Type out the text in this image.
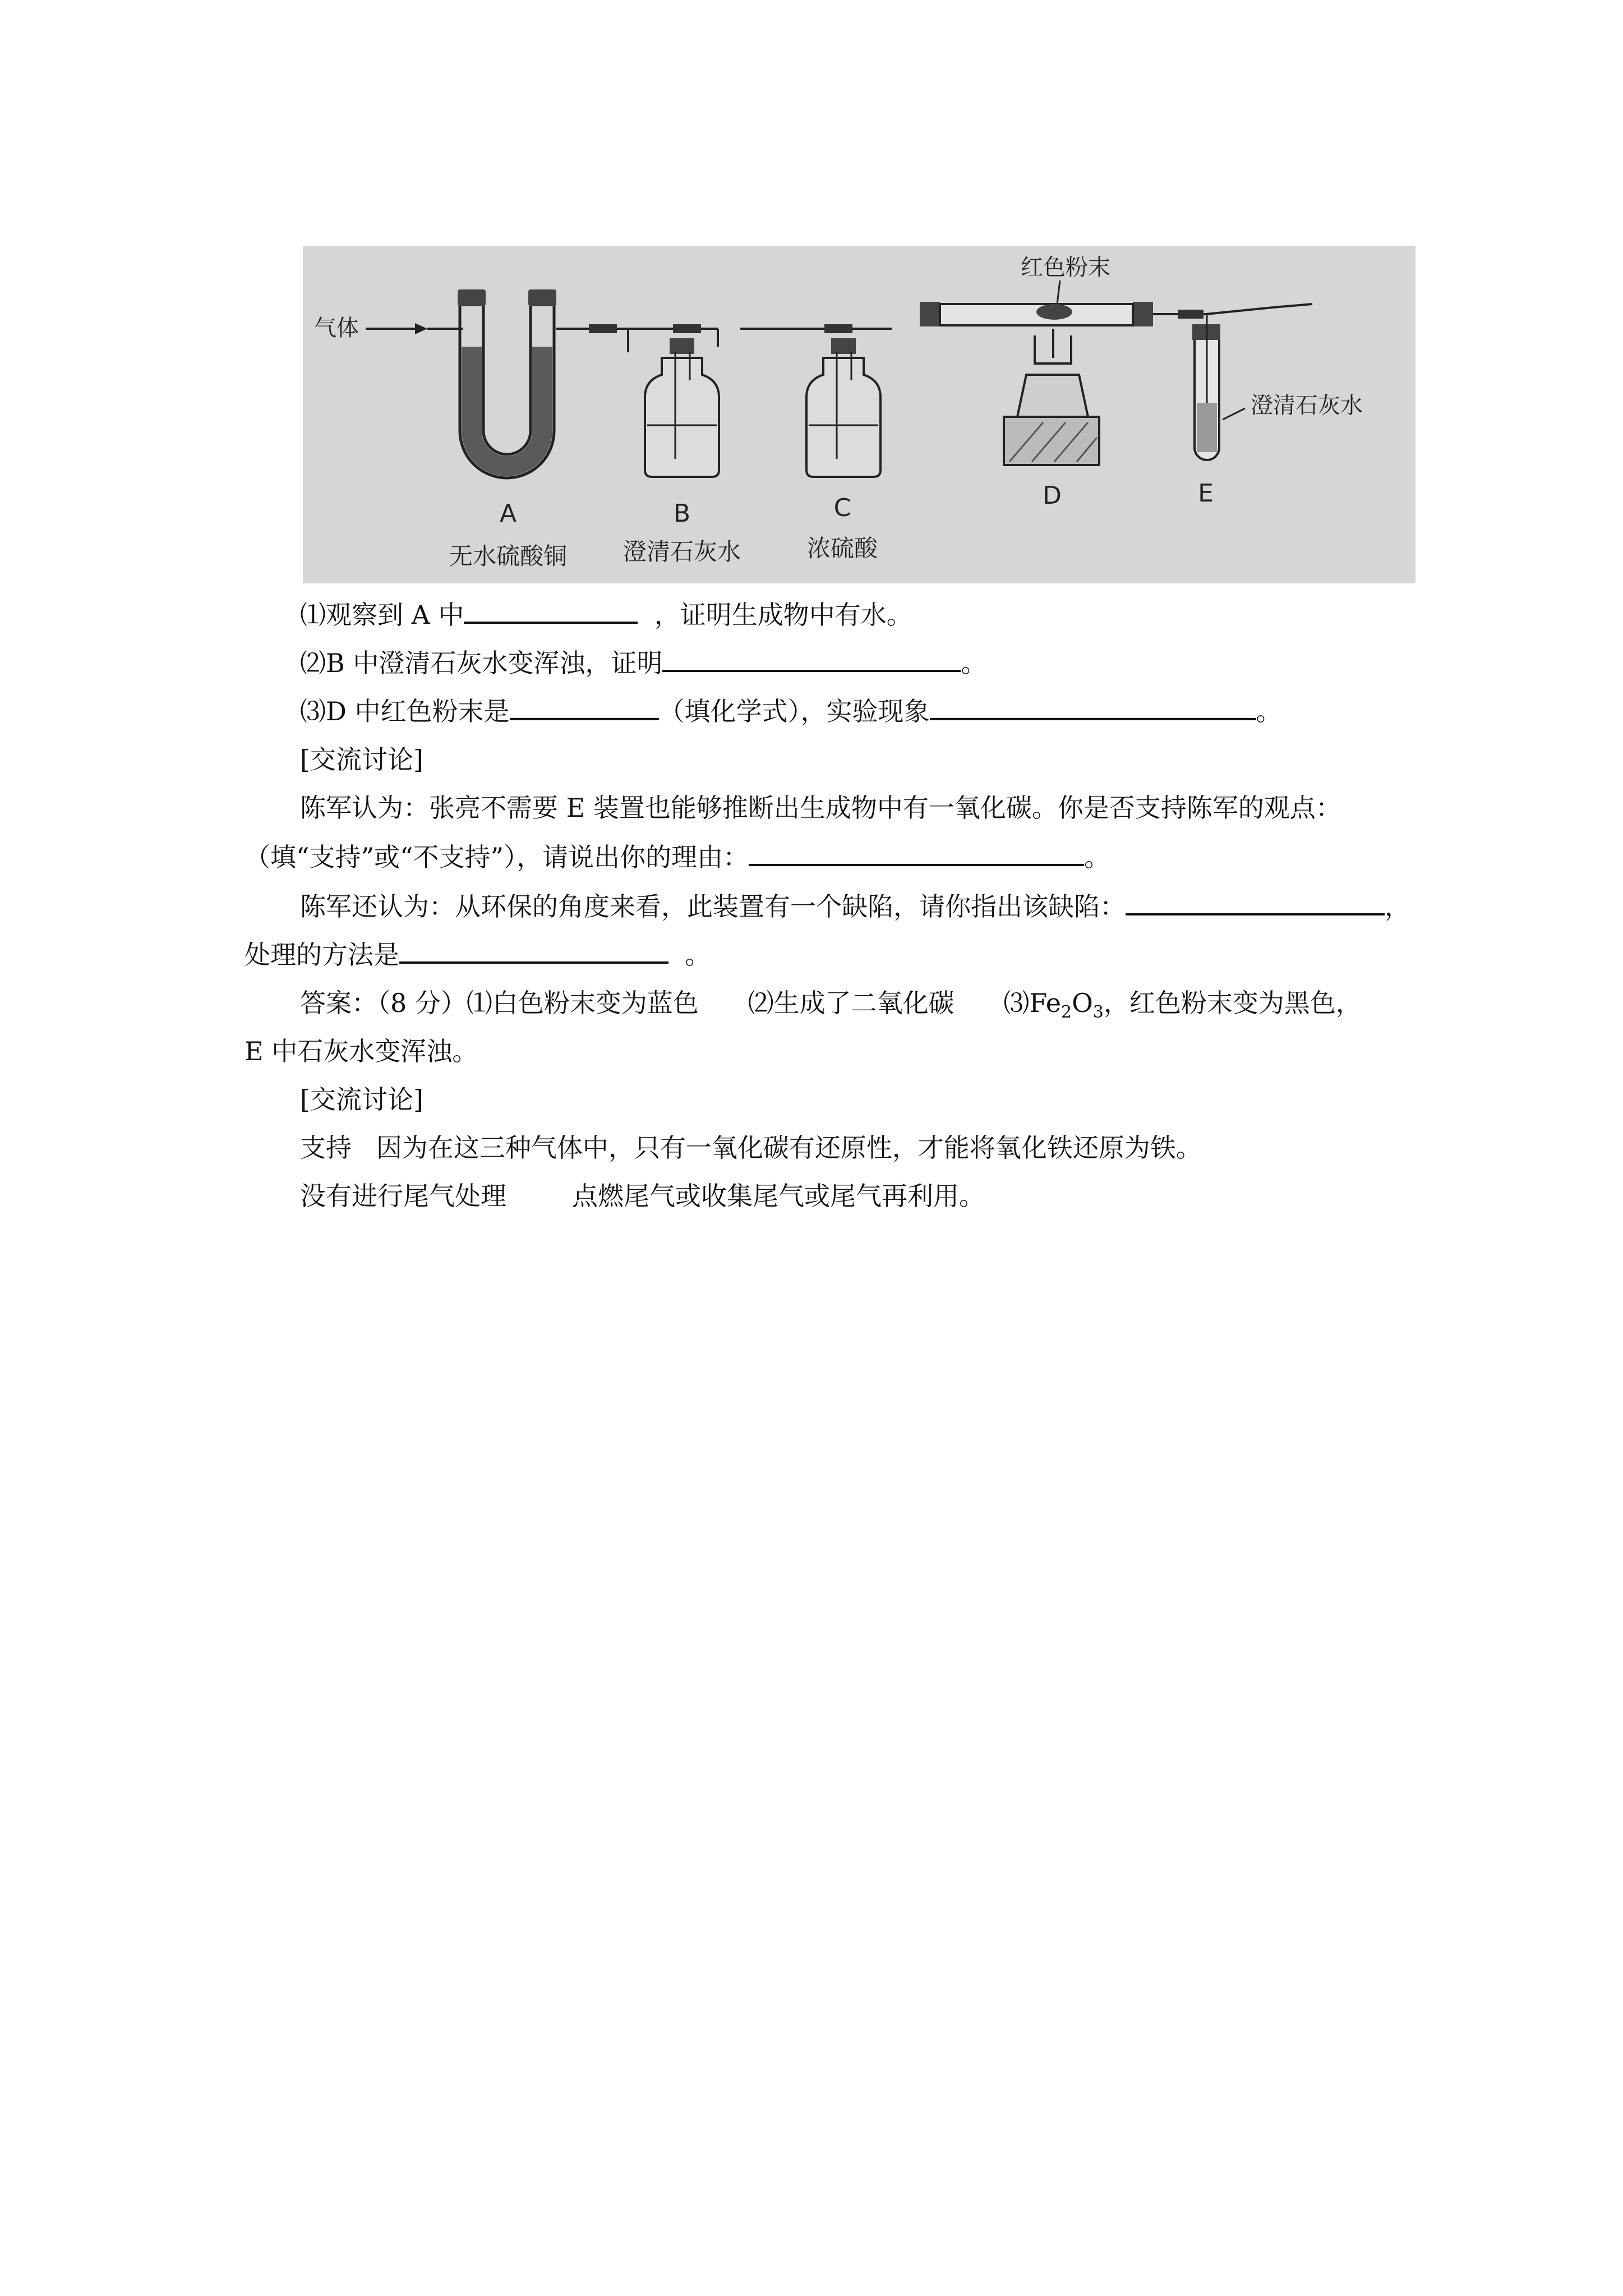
气体
红色粉末
澄清石灰水
A	B	C	D	E
无水硫酸铜 澄清石灰水	浓硫酸
⑴观察到 A 中	，证明生成物中有水。
⑵B 中澄清石灰水变浑浊，证明	。
⑶D 中红色粉末是	（填化学式），实验现象	。
[交流讨论]
陈军认为：张亮不需要 E 装置也能够推断出生成物中有一氧化碳。你是否支持陈军的观点：
（填“支持”或“不支持”），请说出你的理由：	。
陈军还认为：从环保的角度来看，此装置有一个缺陷，请你指出该缺陷：	，
处理的方法是	。
答案：（8 分）⑴白色粉末变为蓝色 ⑵生成了二氧化碳 $⑶Fe_2O_3$，红色粉末变为黑色，
E 中石灰水变浑浊。
[交流讨论]
支持 因为在这三种气体中，只有一氧化碳有还原性，才能将氧化铁还原为铁。
没有进行尾气处理	点燃尾气或收集尾气或尾气再利用。
